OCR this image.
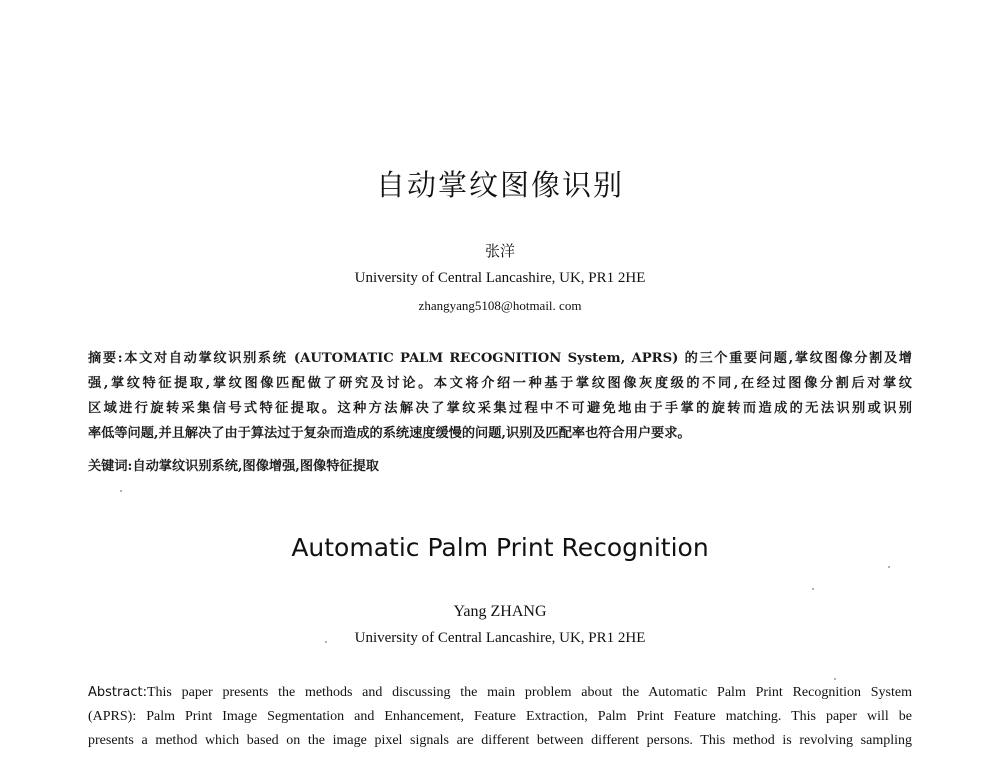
自动掌纹图像识别
张洋
University of Central Lancashire, UK, PR1 2HE
zhangyang5108@hotmail. com
摘要:本文对自动掌纹识别系统 (AUTOMATIC PALM RECOGNITION System, APRS) 的三个重要问题,掌纹图像分割及增
强,掌纹特征提取,掌纹图像匹配做了研究及讨论。本文将介绍一种基于掌纹图像灰度级的不同,在经过图像分割后对掌纹
区域进行旋转采集信号式特征提取。这种方法解决了掌纹采集过程中不可避免地由于手掌的旋转而造成的无法识别或识别
率低等问题,并且解决了由于算法过于复杂而造成的系统速度缓慢的问题,识别及匹配率也符合用户要求。
关键词:自动掌纹识别系统,图像增强,图像特征提取
Automatic Palm Print Recognition
Yang ZHANG
University of Central Lancashire, UK, PR1 2HE
Abstract:This paper presents the methods and discussing the main problem about the Automatic Palm Print Recognition System
(APRS): Palm Print Image Segmentation and Enhancement, Feature Extraction, Palm Print Feature matching. This paper will be
presents a method which based on the image pixel signals are different between different persons. This method is revolving sampling
